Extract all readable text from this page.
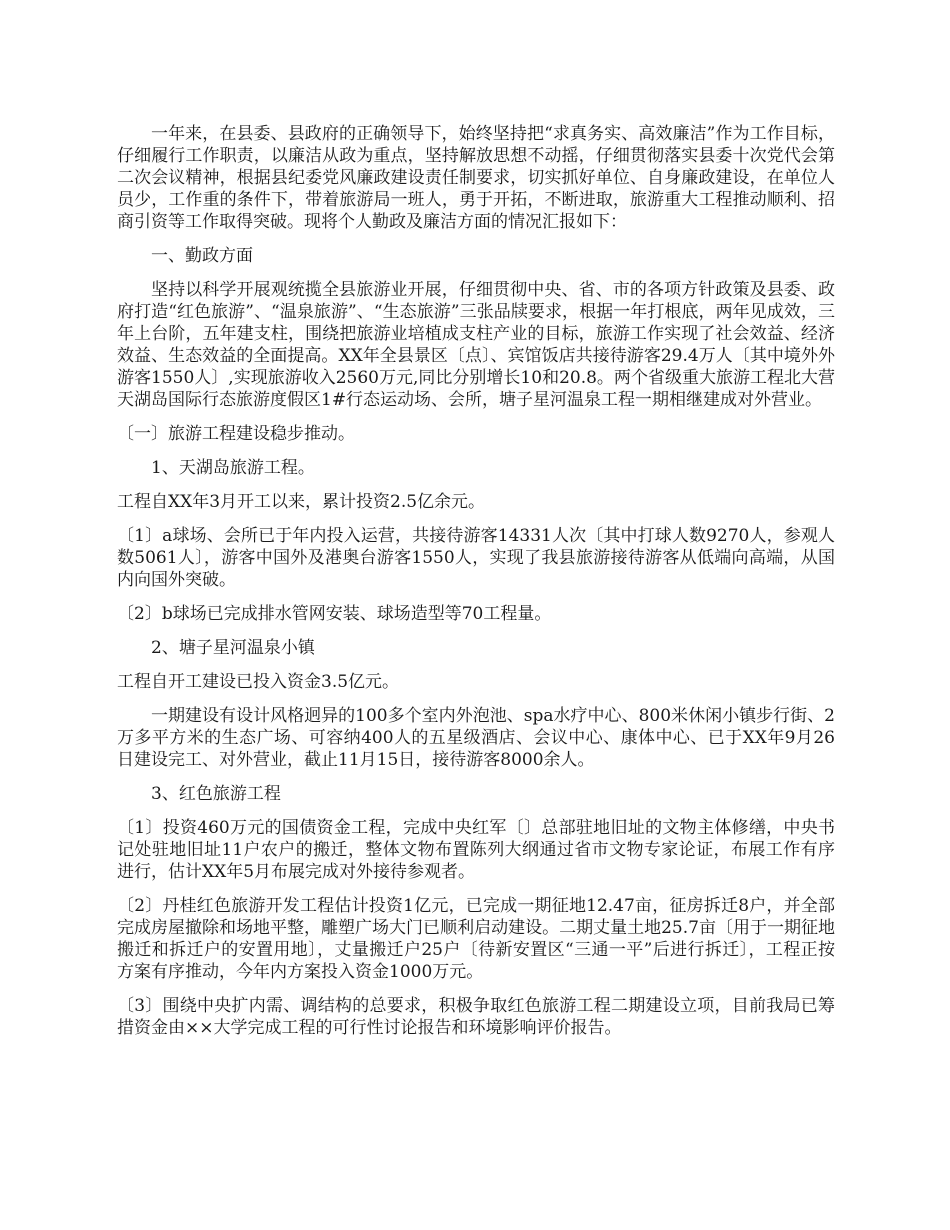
一年来，在县委、县政府的正确领导下，始终坚持把“求真务实、高效廉洁”作为工作目标，仔细履行工作职责，以廉洁从政为重点，坚持解放思想不动摇，仔细贯彻落实县委十次党代会第二次会议精神，根据县纪委党风廉政建设责任制要求，切实抓好单位、自身廉政建设，在单位人员少，工作重的条件下，带着旅游局一班人，勇于开拓，不断进取，旅游重大工程推动顺利、招商引资等工作取得突破。现将个人勤政及廉洁方面的情况汇报如下：

一、勤政方面

坚持以科学开展观统揽全县旅游业开展，仔细贯彻中央、省、市的各项方针政策及县委、政府打造“红色旅游”、“温泉旅游”、“生态旅游”三张品牍要求，根据一年打根底，两年见成效，三年上台阶，五年建支柱，围绕把旅游业培植成支柱产业的目标，旅游工作实现了社会效益、经济效益、生态效益的全面提高。XX年全县景区〔点〕、宾馆饭店共接待游客29.4万人〔其中境外外游客1550人〕,实现旅游收入2560万元,同比分别增长10和20.8。两个省级重大旅游工程北大营天湖岛国际行态旅游度假区1#行态运动场、会所，塘子星河温泉工程一期相继建成对外营业。

〔一〕旅游工程建设稳步推动。

1、天湖岛旅游工程。

工程自XX年3月开工以来，累计投资2.5亿余元。

〔1〕a球场、会所已于年内投入运营，共接待游客14331人次〔其中打球人数9270人，参观人数5061人〕，游客中国外及港奥台游客1550人，实现了我县旅游接待游客从低端向高端，从国内向国外突破。

〔2〕b球场已完成排水管网安装、球场造型等70工程量。

2、塘子星河温泉小镇

工程自开工建设已投入资金3.5亿元。

一期建设有设计风格迥异的100多个室内外泡池、spa水疗中心、800米休闲小镇步行街、2万多平方米的生态广场、可容纳400人的五星级酒店、会议中心、康体中心、已于XX年9月26日建设完工、对外营业，截止11月15日，接待游客8000余人。

3、红色旅游工程

〔1〕投资460万元的国债资金工程，完成中央红军〔〕总部驻地旧址的文物主体修缮，中央书记处驻地旧址11户农户的搬迁，整体文物布置陈列大纲通过省市文物专家论证，布展工作有序进行，估计XX年5月布展完成对外接待参观者。

〔2〕丹桂红色旅游开发工程估计投资1亿元，已完成一期征地12.47亩，征房拆迁8户，并全部完成房屋撤除和场地平整，雕塑广场大门已顺利启动建设。二期丈量土地25.7亩〔用于一期征地搬迁和拆迁户的安置用地〕，丈量搬迁户25户〔待新安置区“三通一平”后进行拆迁〕，工程正按方案有序推动，今年内方案投入资金1000万元。

〔3〕围绕中央扩内需、调结构的总要求，积极争取红色旅游工程二期建设立项，目前我局已筹措资金由××大学完成工程的可行性讨论报告和环境影响评价报告。
